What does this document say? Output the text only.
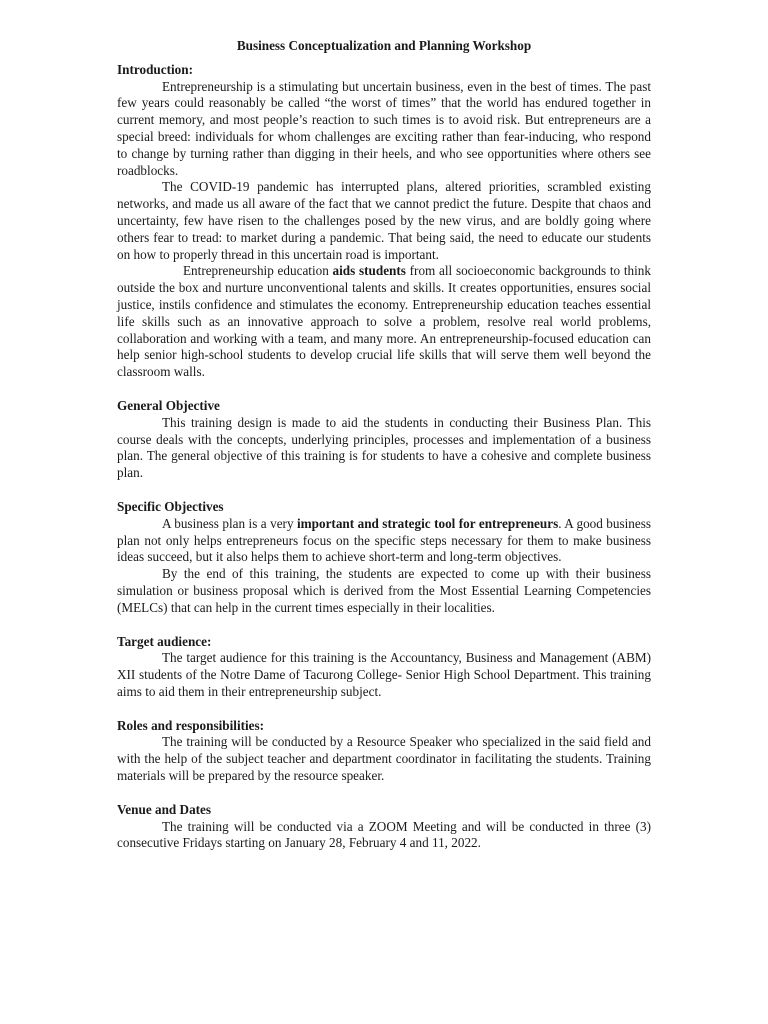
Business Conceptualization and Planning Workshop
Introduction:

Entrepreneurship is a stimulating but uncertain business, even in the best of times. The past few years could reasonably be called “the worst of times” that the world has endured together in current memory, and most people’s reaction to such times is to avoid risk. But entrepreneurs are a special breed: individuals for whom challenges are exciting rather than fear-inducing, who respond to change by turning rather than digging in their heels, and who see opportunities where others see roadblocks.

The COVID-19 pandemic has interrupted plans, altered priorities, scrambled existing networks, and made us all aware of the fact that we cannot predict the future. Despite that chaos and uncertainty, few have risen to the challenges posed by the new virus, and are boldly going where others fear to tread: to market during a pandemic. That being said, the need to educate our students on how to properly thread in this uncertain road is important.

Entrepreneurship education aids students from all socioeconomic backgrounds to think outside the box and nurture unconventional talents and skills. It creates opportunities, ensures social justice, instils confidence and stimulates the economy. Entrepreneurship education teaches essential life skills such as an innovative approach to solve a problem, resolve real world problems, collaboration and working with a team, and many more. An entrepreneurship-focused education can help senior high-school students to develop crucial life skills that will serve them well beyond the classroom walls.

General Objective

This training design is made to aid the students in conducting their Business Plan. This course deals with the concepts, underlying principles, processes and implementation of a business plan. The general objective of this training is for students to have a cohesive and complete business plan.

Specific Objectives

A business plan is a very important and strategic tool for entrepreneurs. A good business plan not only helps entrepreneurs focus on the specific steps necessary for them to make business ideas succeed, but it also helps them to achieve short-term and long-term objectives.

By the end of this training, the students are expected to come up with their business simulation or business proposal which is derived from the Most Essential Learning Competencies (MELCs) that can help in the current times especially in their localities.

Target audience:

The target audience for this training is the Accountancy, Business and Management (ABM) XII students of the Notre Dame of Tacurong College- Senior High School Department. This training aims to aid them in their entrepreneurship subject.

Roles and responsibilities:

The training will be conducted by a Resource Speaker who specialized in the said field and with the help of the subject teacher and department coordinator in facilitating the students. Training materials will be prepared by the resource speaker.

Venue and Dates

The training will be conducted via a ZOOM Meeting and will be conducted in three (3) consecutive Fridays starting on January 28, February 4 and 11, 2022.
